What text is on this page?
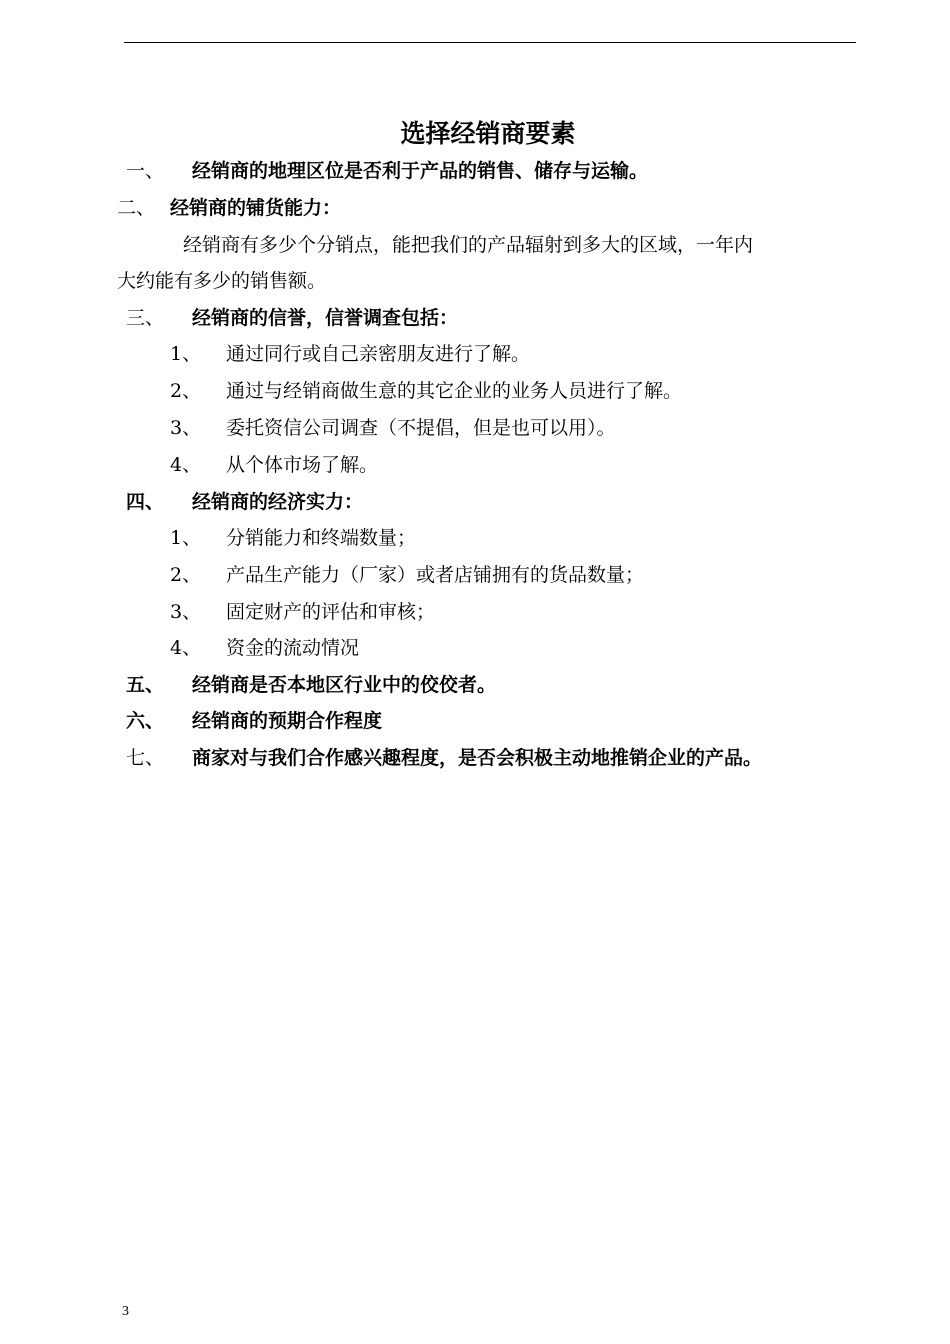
选择经销商要素
一、 经销商的地理区位是否利于产品的销售、储存与运输。
二、 经销商的铺货能力：
经销商有多少个分销点，能把我们的产品辐射到多大的区域，一年内
大约能有多少的销售额。
三、 经销商的信誉，信誉调查包括：
1、 通过同行或自己亲密朋友进行了解。
2、 通过与经销商做生意的其它企业的业务人员进行了解。
3、 委托资信公司调查（不提倡，但是也可以用）。
4、 从个体市场了解。
四、 经销商的经济实力：
1、 分销能力和终端数量；
2、 产品生产能力（厂家）或者店铺拥有的货品数量；
3、 固定财产的评估和审核；
4、 资金的流动情况
五、 经销商是否本地区行业中的佼佼者。
六、 经销商的预期合作程度
七、 商家对与我们合作感兴趣程度，是否会积极主动地推销企业的产品。
3
